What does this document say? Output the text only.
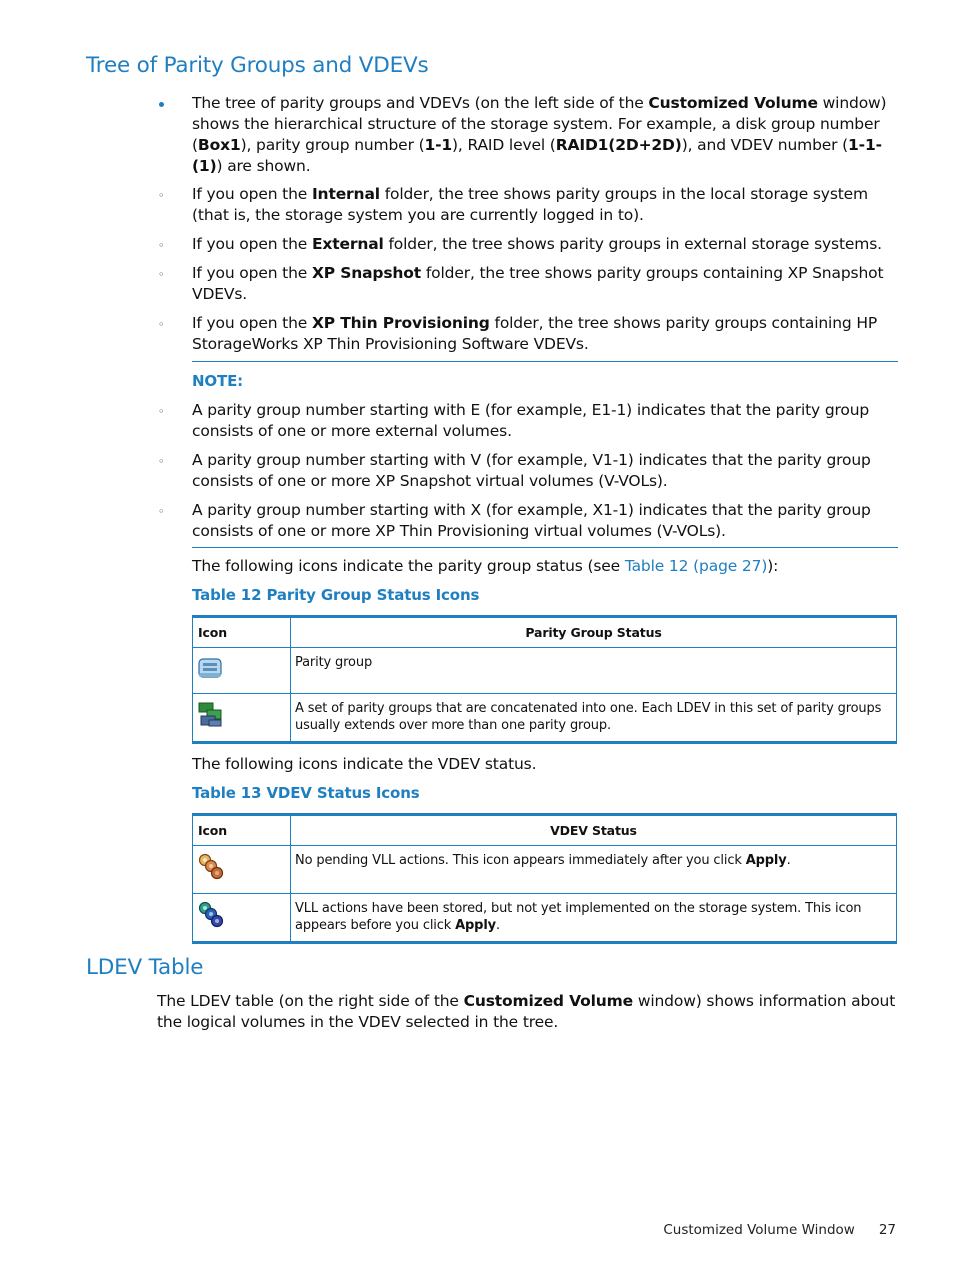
Tree of Parity Groups and VDEVs

The tree of parity groups and VDEVs (on the left side of the Customized Volume window) shows the hierarchical structure of the storage system. For example, a disk group number (Box1), parity group number (1-1), RAID level (RAID1(2D+2D)), and VDEV number (1-1-(1)) are shown.

◦ If you open the Internal folder, the tree shows parity groups in the local storage system (that is, the storage system you are currently logged in to).
◦ If you open the External folder, the tree shows parity groups in external storage systems.
◦ If you open the XP Snapshot folder, the tree shows parity groups containing XP Snapshot VDEVs.
◦ If you open the XP Thin Provisioning folder, the tree shows parity groups containing HP StorageWorks XP Thin Provisioning Software VDEVs.
NOTE:
◦ A parity group number starting with E (for example, E1-1) indicates that the parity group consists of one or more external volumes.
◦ A parity group number starting with V (for example, V1-1) indicates that the parity group consists of one or more XP Snapshot virtual volumes (V-VOLs).
◦ A parity group number starting with X (for example, X1-1) indicates that the parity group consists of one or more XP Thin Provisioning virtual volumes (V-VOLs).

The following icons indicate the parity group status (see Table 12 (page 27)):

Table 12 Parity Group Status Icons
Icon	Parity Group Status
	Parity group
	A set of parity groups that are concatenated into one. Each LDEV in this set of parity groups usually extends over more than one parity group.

The following icons indicate the VDEV status.

Table 13 VDEV Status Icons
Icon	VDEV Status
	No pending VLL actions. This icon appears immediately after you click Apply.
	VLL actions have been stored, but not yet implemented on the storage system. This icon appears before you click Apply.
LDEV Table

The LDEV table (on the right side of the Customized Volume window) shows information about the logical volumes in the VDEV selected in the tree.

Customized Volume Window 27
